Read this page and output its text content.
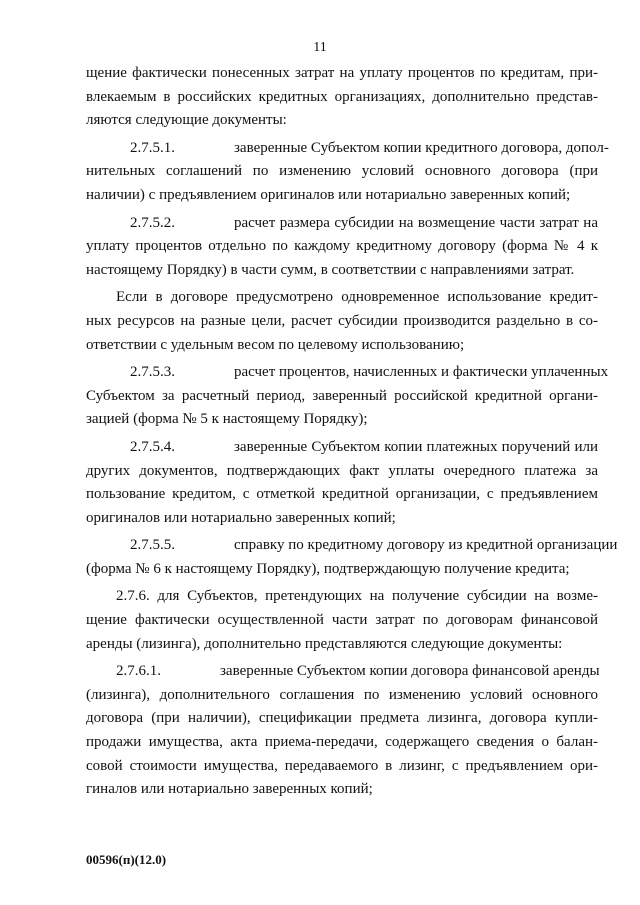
11
щение фактически понесенных затрат на уплату процентов по кредитам, при-
влекаемым в российских кредитных организациях, дополнительно представ-
ляются следующие документы:
2.7.5.1.	заверенные Субъектом копии кредитного договора, допол-
нительных соглашений по изменению условий основного договора (при
наличии) с предъявлением оригиналов или нотариально заверенных копий;
2.7.5.2.	расчет размера субсидии на возмещение части затрат на
уплату процентов отдельно по каждому кредитному договору (форма № 4 к
настоящему Порядку) в части сумм, в соответствии с направлениями затрат.
Если в договоре предусмотрено одновременное использование кредит-
ных ресурсов на разные цели, расчет субсидии производится раздельно в со-
ответствии с удельным весом по целевому использованию;
2.7.5.3.	расчет процентов, начисленных и фактически уплаченных
Субъектом за расчетный период, заверенный российской кредитной органи-
зацией (форма № 5 к настоящему Порядку);
2.7.5.4.	заверенные Субъектом копии платежных поручений или
других документов, подтверждающих факт уплаты очередного платежа за
пользование кредитом, с отметкой кредитной организации, с предъявлением
оригиналов или нотариально заверенных копий;
2.7.5.5.	справку по кредитному договору из кредитной организации
(форма № 6 к настоящему Порядку), подтверждающую получение кредита;
2.7.6. для Субъектов, претендующих на получение субсидии на возме-
щение фактически осуществленной части затрат по договорам финансовой
аренды (лизинга), дополнительно представляются следующие документы:
2.7.6.1.	заверенные Субъектом копии договора финансовой аренды
(лизинга), дополнительного соглашения по изменению условий основного
договора (при наличии), спецификации предмета лизинга, договора купли-
продажи имущества, акта приема-передачи, содержащего сведения о балан-
совой стоимости имущества, передаваемого в лизинг, с предъявлением ори-
гиналов или нотариально заверенных копий;
00596(п)(12.0)
